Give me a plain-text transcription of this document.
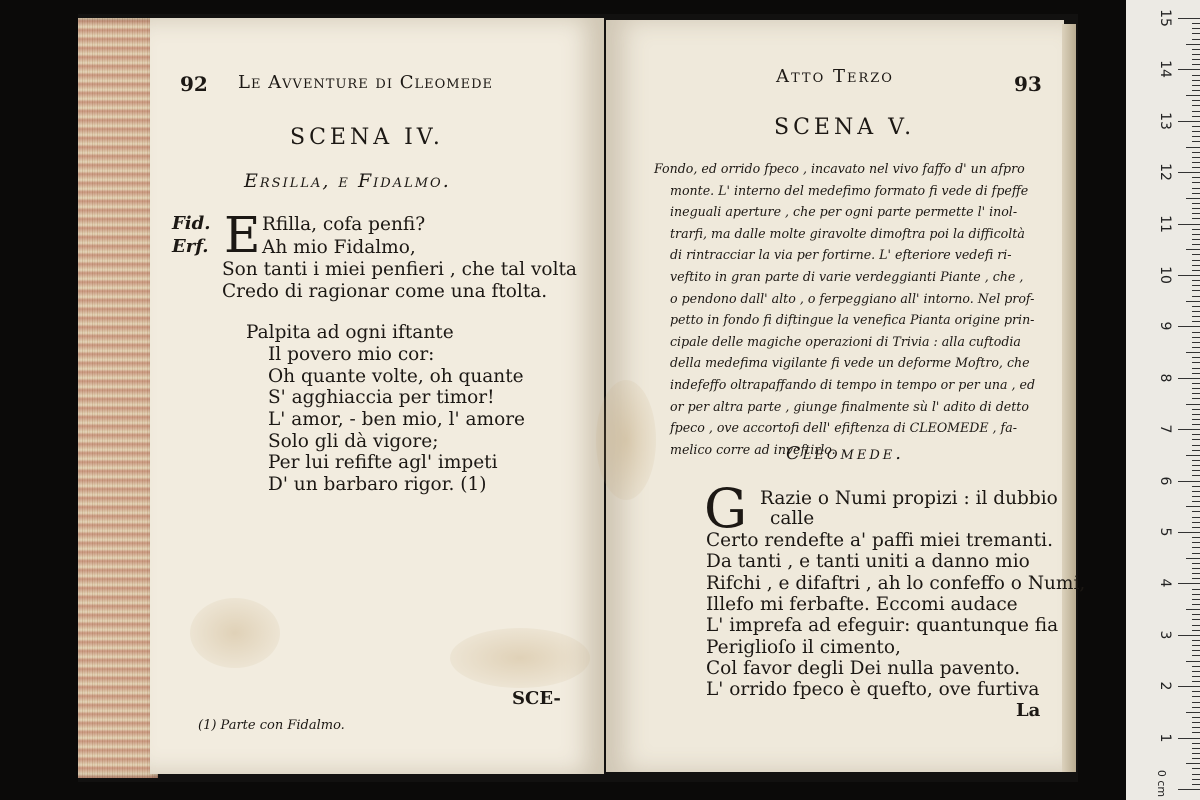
92 Le Avventure di Cleomede
SCENA IV.
Ersilla, e Fidalmo.
Fid.
Erf. E Rfilla, cofa penfi?
Ah mio Fidalmo,
Son tanti i miei penfieri , che tal volta
Credo di ragionar come una ftolta.
Palpita ad ogni iftante
Il povero mio cor:
Oh quante volte, oh quante
S' agghiaccia per timor!
L' amor, - ben mio, l' amore
Solo gli dà vigore;
Per lui refifte agl' impeti
D' un barbaro rigor. (1)
SCE-
(1) Parte con Fidalmo.
Atto Terzo	93
SCENA V.
Fondo, ed orrido fpeco , incavato nel vivo faffo d' un afpro
monte. L' interno del medefimo formato fi vede di fpeffe
ineguali aperture , che per ogni parte permette l' inol-
trarfi, ma dalle molte giravolte dimoftra poi la difficoltà
di rintracciar la via per fortirne. L' efteriore vedefi ri-
veftito in gran parte di varie verdeggianti Piante , che ,
o pendono dall' alto , o ferpeggiano all' intorno. Nel prof-
petto in fondo fi diftingue la venefica Pianta origine prin-
cipale delle magiche operazioni di Trivia : alla cuftodia
della medefima vigilante fi vede un deforme Moftro, che
indefeffo oltrapaffando di tempo in tempo or per una , ed
or per altra parte , giunge finalmente sù l' adito di detto
fpeco , ove accortofi dell' efiftenza di CLEOMEDE , fa-
melico corre ad inveftirlo.
Cleomede.
G Razie o Numi propizi : il dubbio
calle
Certo rendefte a' paffi miei tremanti.
Da tanti , e tanti uniti a danno mio
Rifchi , e difaftri , ah lo confeffo o Numi,
Illefo mi ferbafte. Eccomi audace
L' imprefa ad efeguir: quantunque fia
Periglioſo il cimento,
Col favor degli Dei nulla pavento.
L' orrido fpeco è quefto, ove furtiva
La
0 cm
15
14
13
12
11
10
9
8
7
6
5
4
3
2
1
